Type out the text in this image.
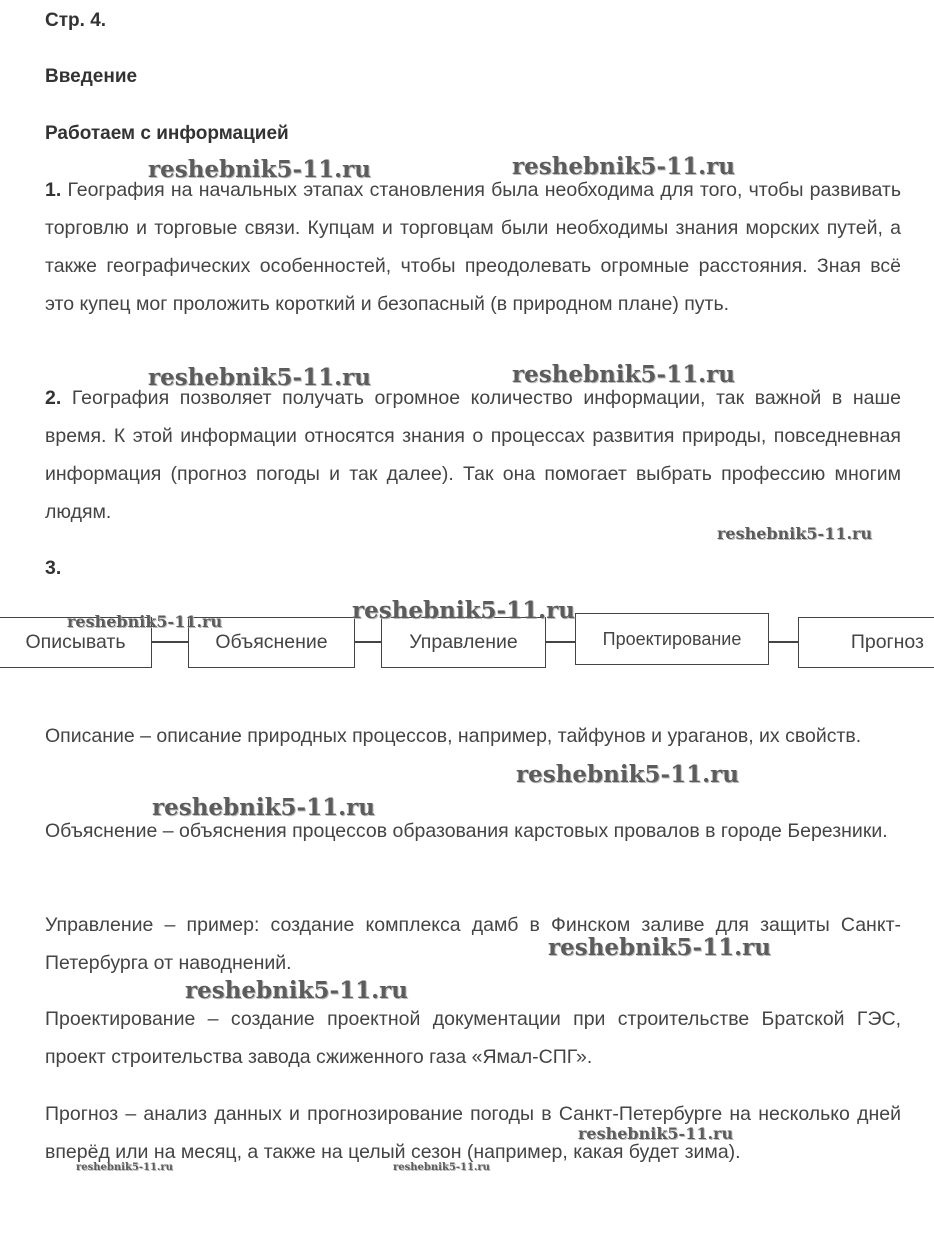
Стр. 4.
Введение
Работаем с информацией

1. География на начальных этапах становления была необходима для того, чтобы развивать торговлю и торговые связи. Купцам и торговцам были необходимы знания морских путей, а также географических особенностей, чтобы преодолевать огромные расстояния. Зная всё это купец мог проложить короткий и безопасный (в природном плане) путь.

2. География позволяет получать огромное количество информации, так важной в наше время. К этой информации относятся знания о процессах развития природы, повседневная информация (прогноз погоды и так далее). Так она помогает выбрать профессию многим людям.

3.
Описывать	Объяснение	Управление	Проектирование	Прогноз

Описание – описание природных процессов, например, тайфунов и ураганов, их свойств.

Объяснение – объяснения процессов образования карстовых провалов в городе Березники.

Управление – пример: создание комплекса дамб в Финском заливе для защиты Санкт-Петербурга от наводнений.

Проектирование – создание проектной документации при строительстве Братской ГЭС, проект строительства завода сжиженного газа «Ямал-СПГ».

Прогноз – анализ данных и прогнозирование погоды в Санкт-Петербурге на несколько дней вперёд или на месяц, а также на целый сезон (например, какая будет зима).

reshebnik5-11.ru	reshebnik5-11.ru
reshebnik5-11.ru	reshebnik5-11.ru
reshebnik5-11.ru
reshebnik5-11.ru	reshebnik5-11.ru
reshebnik5-11.ru
reshebnik5-11.ru
reshebnik5-11.ru
reshebnik5-11.ru
reshebnik5-11.ru
reshebnik5-11.ru	reshebnik5-11.ru
